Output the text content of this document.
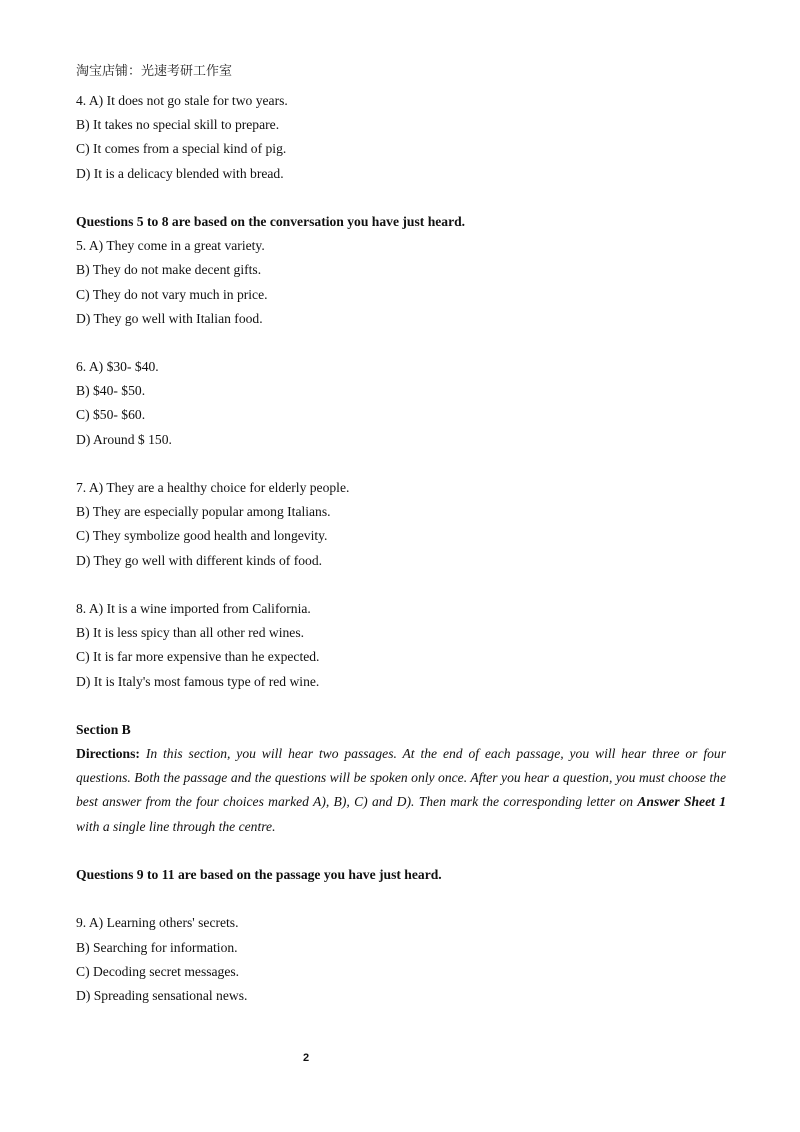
淘宝店铺：光速考研工作室
4. A) It does not go stale for two years.
B) It takes no special skill to prepare.
C) It comes from a special kind of pig.
D) It is a delicacy blended with bread.
Questions 5 to 8 are based on the conversation you have just heard.
5. A) They come in a great variety.
B) They do not make decent gifts.
C) They do not vary much in price.
D) They go well with Italian food.
6. A) $30- $40.
B) $40- $50.
C) $50- $60.
D) Around $ 150.
7. A) They are a healthy choice for elderly people.
B) They are especially popular among Italians.
C) They symbolize good health and longevity.
D) They go well with different kinds of food.
8. A) It is a wine imported from California.
B) It is less spicy than all other red wines.
C) It is far more expensive than he expected.
D) It is Italy's most famous type of red wine.
Section B
Directions: In this section, you will hear two passages. At the end of each passage, you will hear three or four questions. Both the passage and the questions will be spoken only once. After you hear a question, you must choose the best answer from the four choices marked A), B), C) and D). Then mark the corresponding letter on Answer Sheet 1 with a single line through the centre.
Questions 9 to 11 are based on the passage you have just heard.
9. A) Learning others' secrets.
B) Searching for information.
C) Decoding secret messages.
D) Spreading sensational news.
2
